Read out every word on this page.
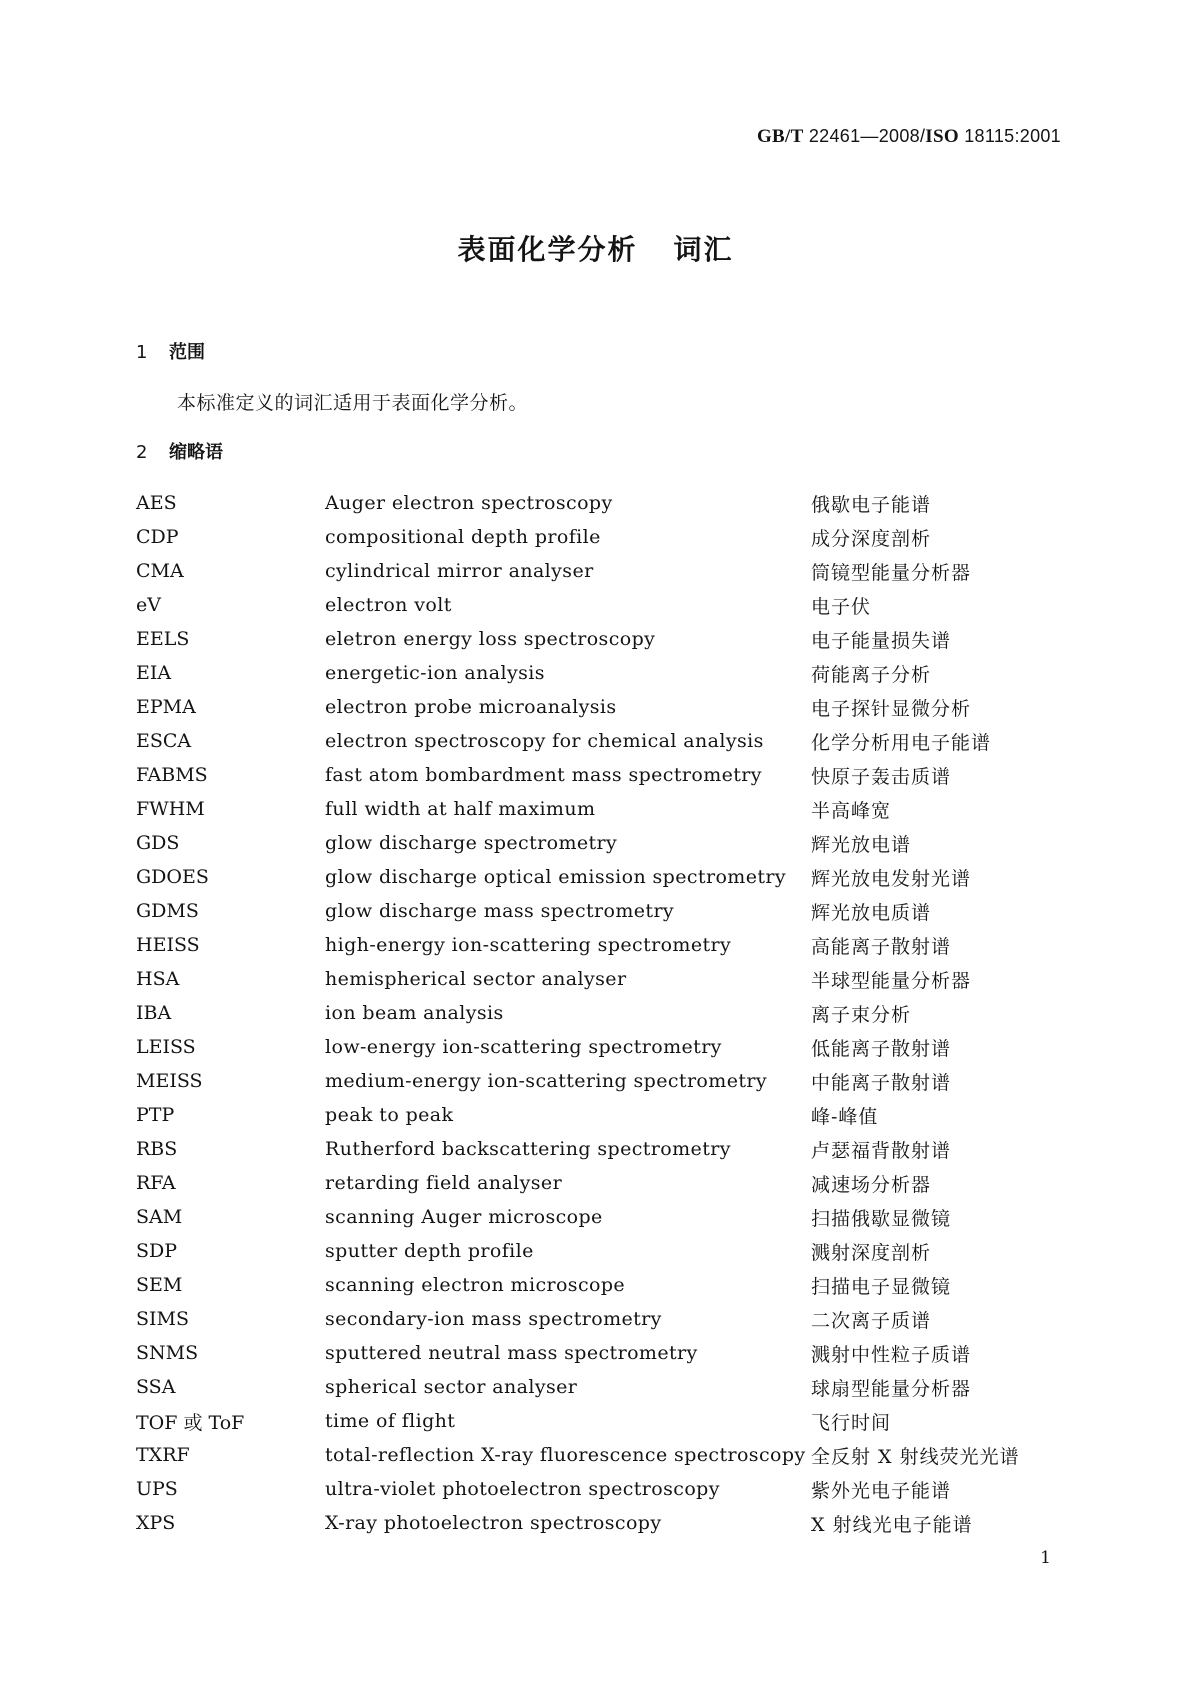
GB/T 22461—2008/ISO 18115:2001
表面化学分析 词汇
1 范围

本标准定义的词汇适用于表面化学分析。

2 缩略语
AES	Auger electron spectroscopy	俄歇电子能谱
CDP	compositional depth profile	成分深度剖析
CMA	cylindrical mirror analyser	筒镜型能量分析器
eV	electron volt	电子伏
EELS	eletron energy loss spectroscopy	电子能量损失谱
EIA	energetic-ion analysis	荷能离子分析
EPMA	electron probe microanalysis	电子探针显微分析
ESCA	electron spectroscopy for chemical analysis	化学分析用电子能谱
FABMS	fast atom bombardment mass spectrometry	快原子轰击质谱
FWHM	full width at half maximum	半高峰宽
GDS	glow discharge spectrometry	辉光放电谱
GDOES	glow discharge optical emission spectrometry	辉光放电发射光谱
GDMS	glow discharge mass spectrometry	辉光放电质谱
HEISS	high-energy ion-scattering spectrometry	高能离子散射谱
HSA	hemispherical sector analyser	半球型能量分析器
IBA	ion beam analysis	离子束分析
LEISS	low-energy ion-scattering spectrometry	低能离子散射谱
MEISS	medium-energy ion-scattering spectrometry	中能离子散射谱
PTP	peak to peak	峰-峰值
RBS	Rutherford backscattering spectrometry	卢瑟福背散射谱
RFA	retarding field analyser	减速场分析器
SAM	scanning Auger microscope	扫描俄歇显微镜
SDP	sputter depth profile	溅射深度剖析
SEM	scanning electron microscope	扫描电子显微镜
SIMS	secondary-ion mass spectrometry	二次离子质谱
SNMS	sputtered neutral mass spectrometry	溅射中性粒子质谱
SSA	spherical sector analyser	球扇型能量分析器
TOF 或 ToF	time of flight	飞行时间
TXRF	total-reflection X-ray fluorescence spectroscopy	全反射 X 射线荧光光谱
UPS	ultra-violet photoelectron spectroscopy	紫外光电子能谱
XPS	X-ray photoelectron spectroscopy	X 射线光电子能谱
1
